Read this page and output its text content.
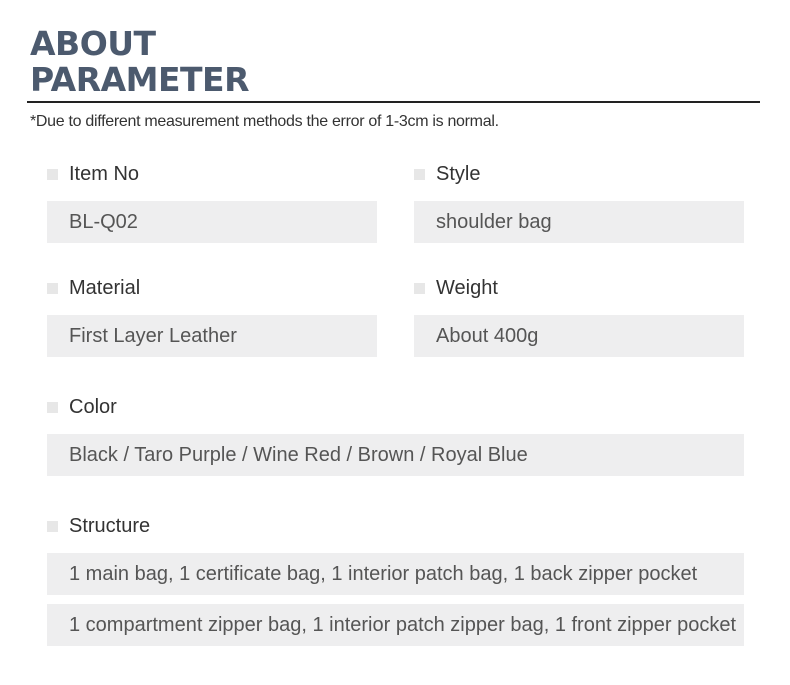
ABOUT
PARAMETER
*Due to different measurement methods the error of 1-3cm is normal.
Item No
BL-Q02
Style
shoulder bag
Material
First Layer Leather
Weight
About 400g
Color
Black / Taro Purple / Wine Red / Brown / Royal Blue
Structure
1 main bag, 1 certificate bag, 1 interior patch bag, 1 back zipper pocket
1 compartment zipper bag, 1 interior patch zipper bag, 1 front zipper pocket
